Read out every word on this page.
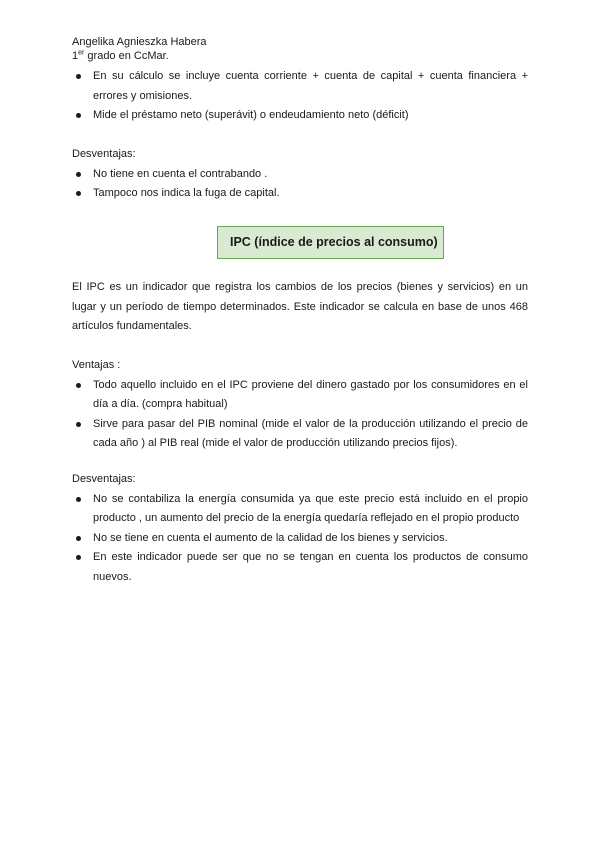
Angelika Agnieszka Habera
1er grado en CcMar.
En su cálculo se incluye cuenta corriente + cuenta de capital + cuenta financiera + errores y omisiones.
Mide el préstamo neto (superávit) o endeudamiento neto (déficit)

Desventajas:

No tiene en cuenta el contrabando .
Tampoco nos indica la fuga de capital.
IPC (índice de precios al consumo)

El IPC es un indicador que registra los cambios de los precios (bienes y servicios) en un lugar y un período de tiempo determinados. Este indicador se calcula en base de unos 468 artículos fundamentales.

Ventajas :

Todo aquello incluido en el IPC proviene del dinero gastado por los consumidores en el día a día. (compra habitual)
Sirve para pasar del PIB nominal (mide el valor de la producción utilizando el precio de cada año ) al PIB real (mide el valor de producción utilizando precios fijos).

Desventajas:

No se contabiliza la energía consumida ya que este precio está incluido en el propio producto , un aumento del precio de la energía quedaría reflejado en el propio producto
No se tiene en cuenta el aumento de la calidad de los bienes y servicios.
En este indicador puede ser que no se tengan en cuenta los productos de consumo nuevos.
